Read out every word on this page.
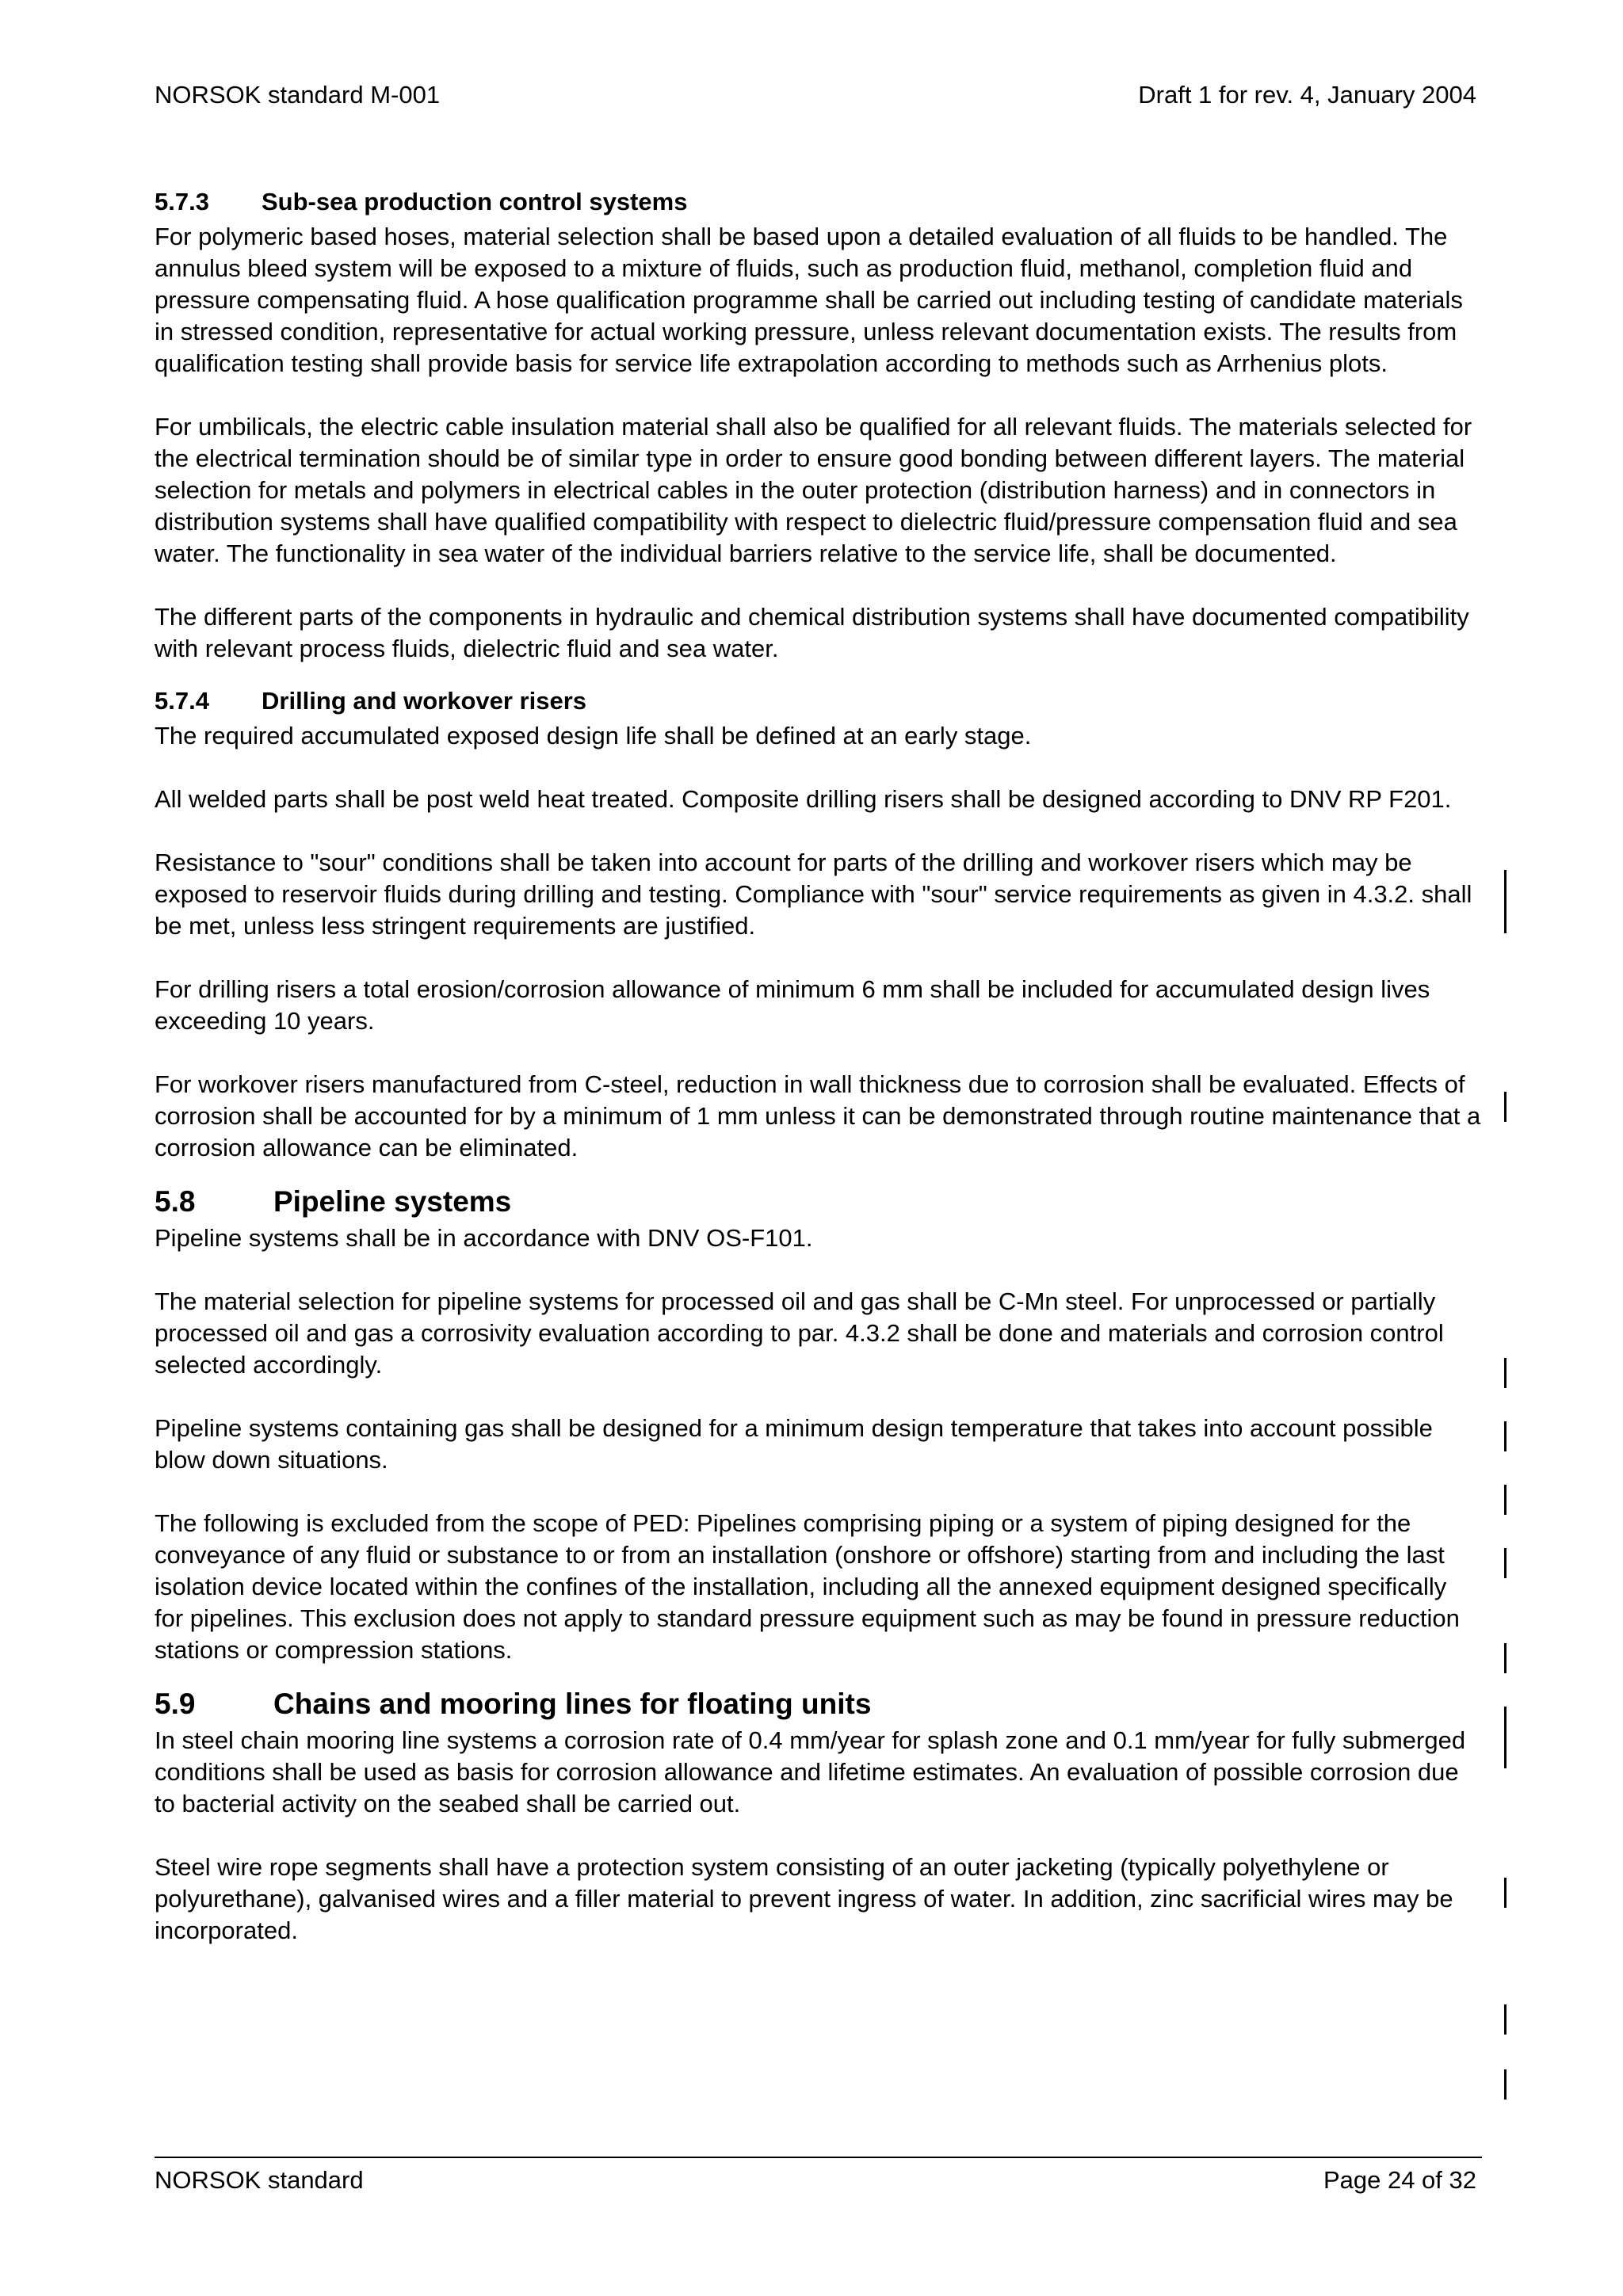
NORSOK standard M-001	Draft 1 for rev. 4, January 2004
5.7.3	Sub-sea production control systems

For polymeric based hoses, material selection shall be based upon a detailed evaluation of all fluids to be handled. The annulus bleed system will be exposed to a mixture of fluids, such as production fluid, methanol, completion fluid and pressure compensating fluid. A hose qualification programme shall be carried out including testing of candidate materials in stressed condition, representative for actual working pressure, unless relevant documentation exists. The results from qualification testing shall provide basis for service life extrapolation according to methods such as Arrhenius plots.

For umbilicals, the electric cable insulation material shall also be qualified for all relevant fluids. The materials selected for the electrical termination should be of similar type in order to ensure good bonding between different layers. The material selection for metals and polymers in electrical cables in the outer protection (distribution harness) and in connectors in distribution systems shall have qualified compatibility with respect to dielectric fluid/pressure compensation fluid and sea water. The functionality in sea water of the individual barriers relative to the service life, shall be documented.

The different parts of the components in hydraulic and chemical distribution systems shall have documented compatibility with relevant process fluids, dielectric fluid and sea water.

5.7.4	Drilling and workover risers

The required accumulated exposed design life shall be defined at an early stage.

All welded parts shall be post weld heat treated. Composite drilling risers shall be designed according to DNV RP F201.

Resistance to "sour" conditions shall be taken into account for parts of the drilling and workover risers which may be exposed to reservoir fluids during drilling and testing. Compliance with "sour" service requirements as given in 4.3.2. shall be met, unless less stringent requirements are justified.

For drilling risers a total erosion/corrosion allowance of minimum 6 mm shall be included for accumulated design lives exceeding 10 years.

For workover risers manufactured from C-steel, reduction in wall thickness due to corrosion shall be evaluated. Effects of corrosion shall be accounted for by a minimum of 1 mm unless it can be demonstrated through routine maintenance that a corrosion allowance can be eliminated.

5.8	Pipeline systems

Pipeline systems shall be in accordance with DNV OS-F101.

The material selection for pipeline systems for processed oil and gas shall be C-Mn steel. For unprocessed or partially processed oil and gas a corrosivity evaluation according to par. 4.3.2 shall be done and materials and corrosion control selected accordingly.

Pipeline systems containing gas shall be designed for a minimum design temperature that takes into account possible blow down situations.

The following is excluded from the scope of PED: Pipelines comprising piping or a system of piping designed for the conveyance of any fluid or substance to or from an installation (onshore or offshore) starting from and including the last isolation device located within the confines of the installation, including all the annexed equipment designed specifically for pipelines. This exclusion does not apply to standard pressure equipment such as may be found in pressure reduction stations or compression stations.

5.9	Chains and mooring lines for floating units

In steel chain mooring line systems a corrosion rate of 0.4 mm/year for splash zone and 0.1 mm/year for fully submerged conditions shall be used as basis for corrosion allowance and lifetime estimates. An evaluation of possible corrosion due to bacterial activity on the seabed shall be carried out.

Steel wire rope segments shall have a protection system consisting of an outer jacketing (typically polyethylene or polyurethane), galvanised wires and a filler material to prevent ingress of water. In addition, zinc sacrificial wires may be incorporated.

NORSOK standard	Page 24 of 32
